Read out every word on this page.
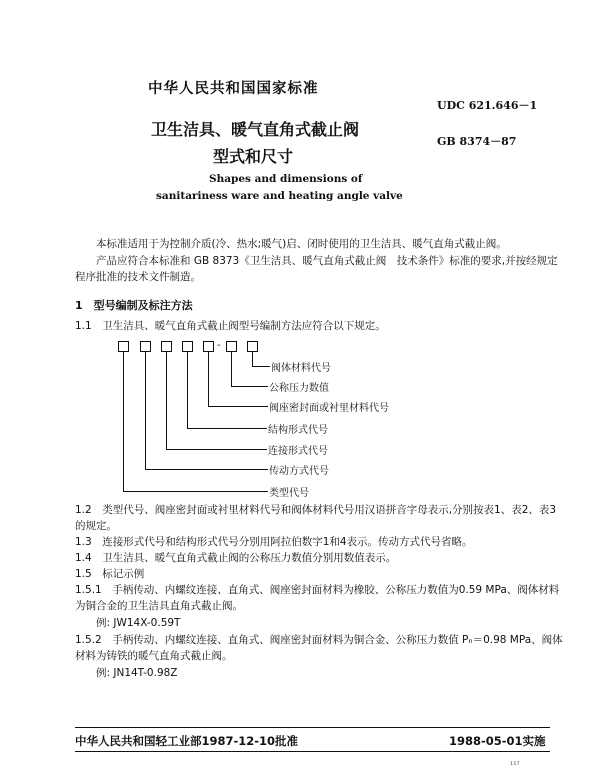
中华人民共和国国家标准
UDC 621.646－1
GB 8374－87
卫生洁具、暖气直角式截止阀
型式和尺寸
Shapes and dimensions of
sanitariness ware and heating angle valve
本标准适用于为控制介质(冷、热水;暖气)启、闭时使用的卫生洁具、暖气直角式截止阀。
产品应符合本标准和 GB 8373《卫生洁具、暖气直角式截止阀　技术条件》标准的要求,并按经规定
程序批准的技术文件制造。
1　型号编制及标注方法
1.1　卫生洁具、暖气直角式截止阀型号编制方法应符合以下规定。
-
阀体材料代号
公称压力数值
阀座密封面或衬里材料代号
结构形式代号
连接形式代号
传动方式代号
类型代号
1.2　类型代号、阀座密封面或衬里材料代号和阀体材料代号用汉语拼音字母表示,分别按表1、表2、表3
的规定。
1.3　连接形式代号和结构形式代号分别用阿拉伯数字1和4表示。传动方式代号省略。
1.4　卫生洁具、暖气直角式截止阀的公称压力数值分别用数值表示。
1.5　标记示例
1.5.1　手柄传动、内螺纹连接、直角式、阀座密封面材料为橡胶、公称压力数值为0.59 MPa、阀体材料
为铜合金的卫生洁具直角式截止阀。
例: JW14X-0.59T
1.5.2　手柄传动、内螺纹连接、直角式、阀座密封面材料为铜合金、公称压力数值 Pₙ＝0.98 MPa、阀体
材料为铸铁的暖气直角式截止阀。
例: JN14T-0.98Z
中华人民共和国轻工业部1987-12-10批准	1988-05-01实施
₁₁₇
